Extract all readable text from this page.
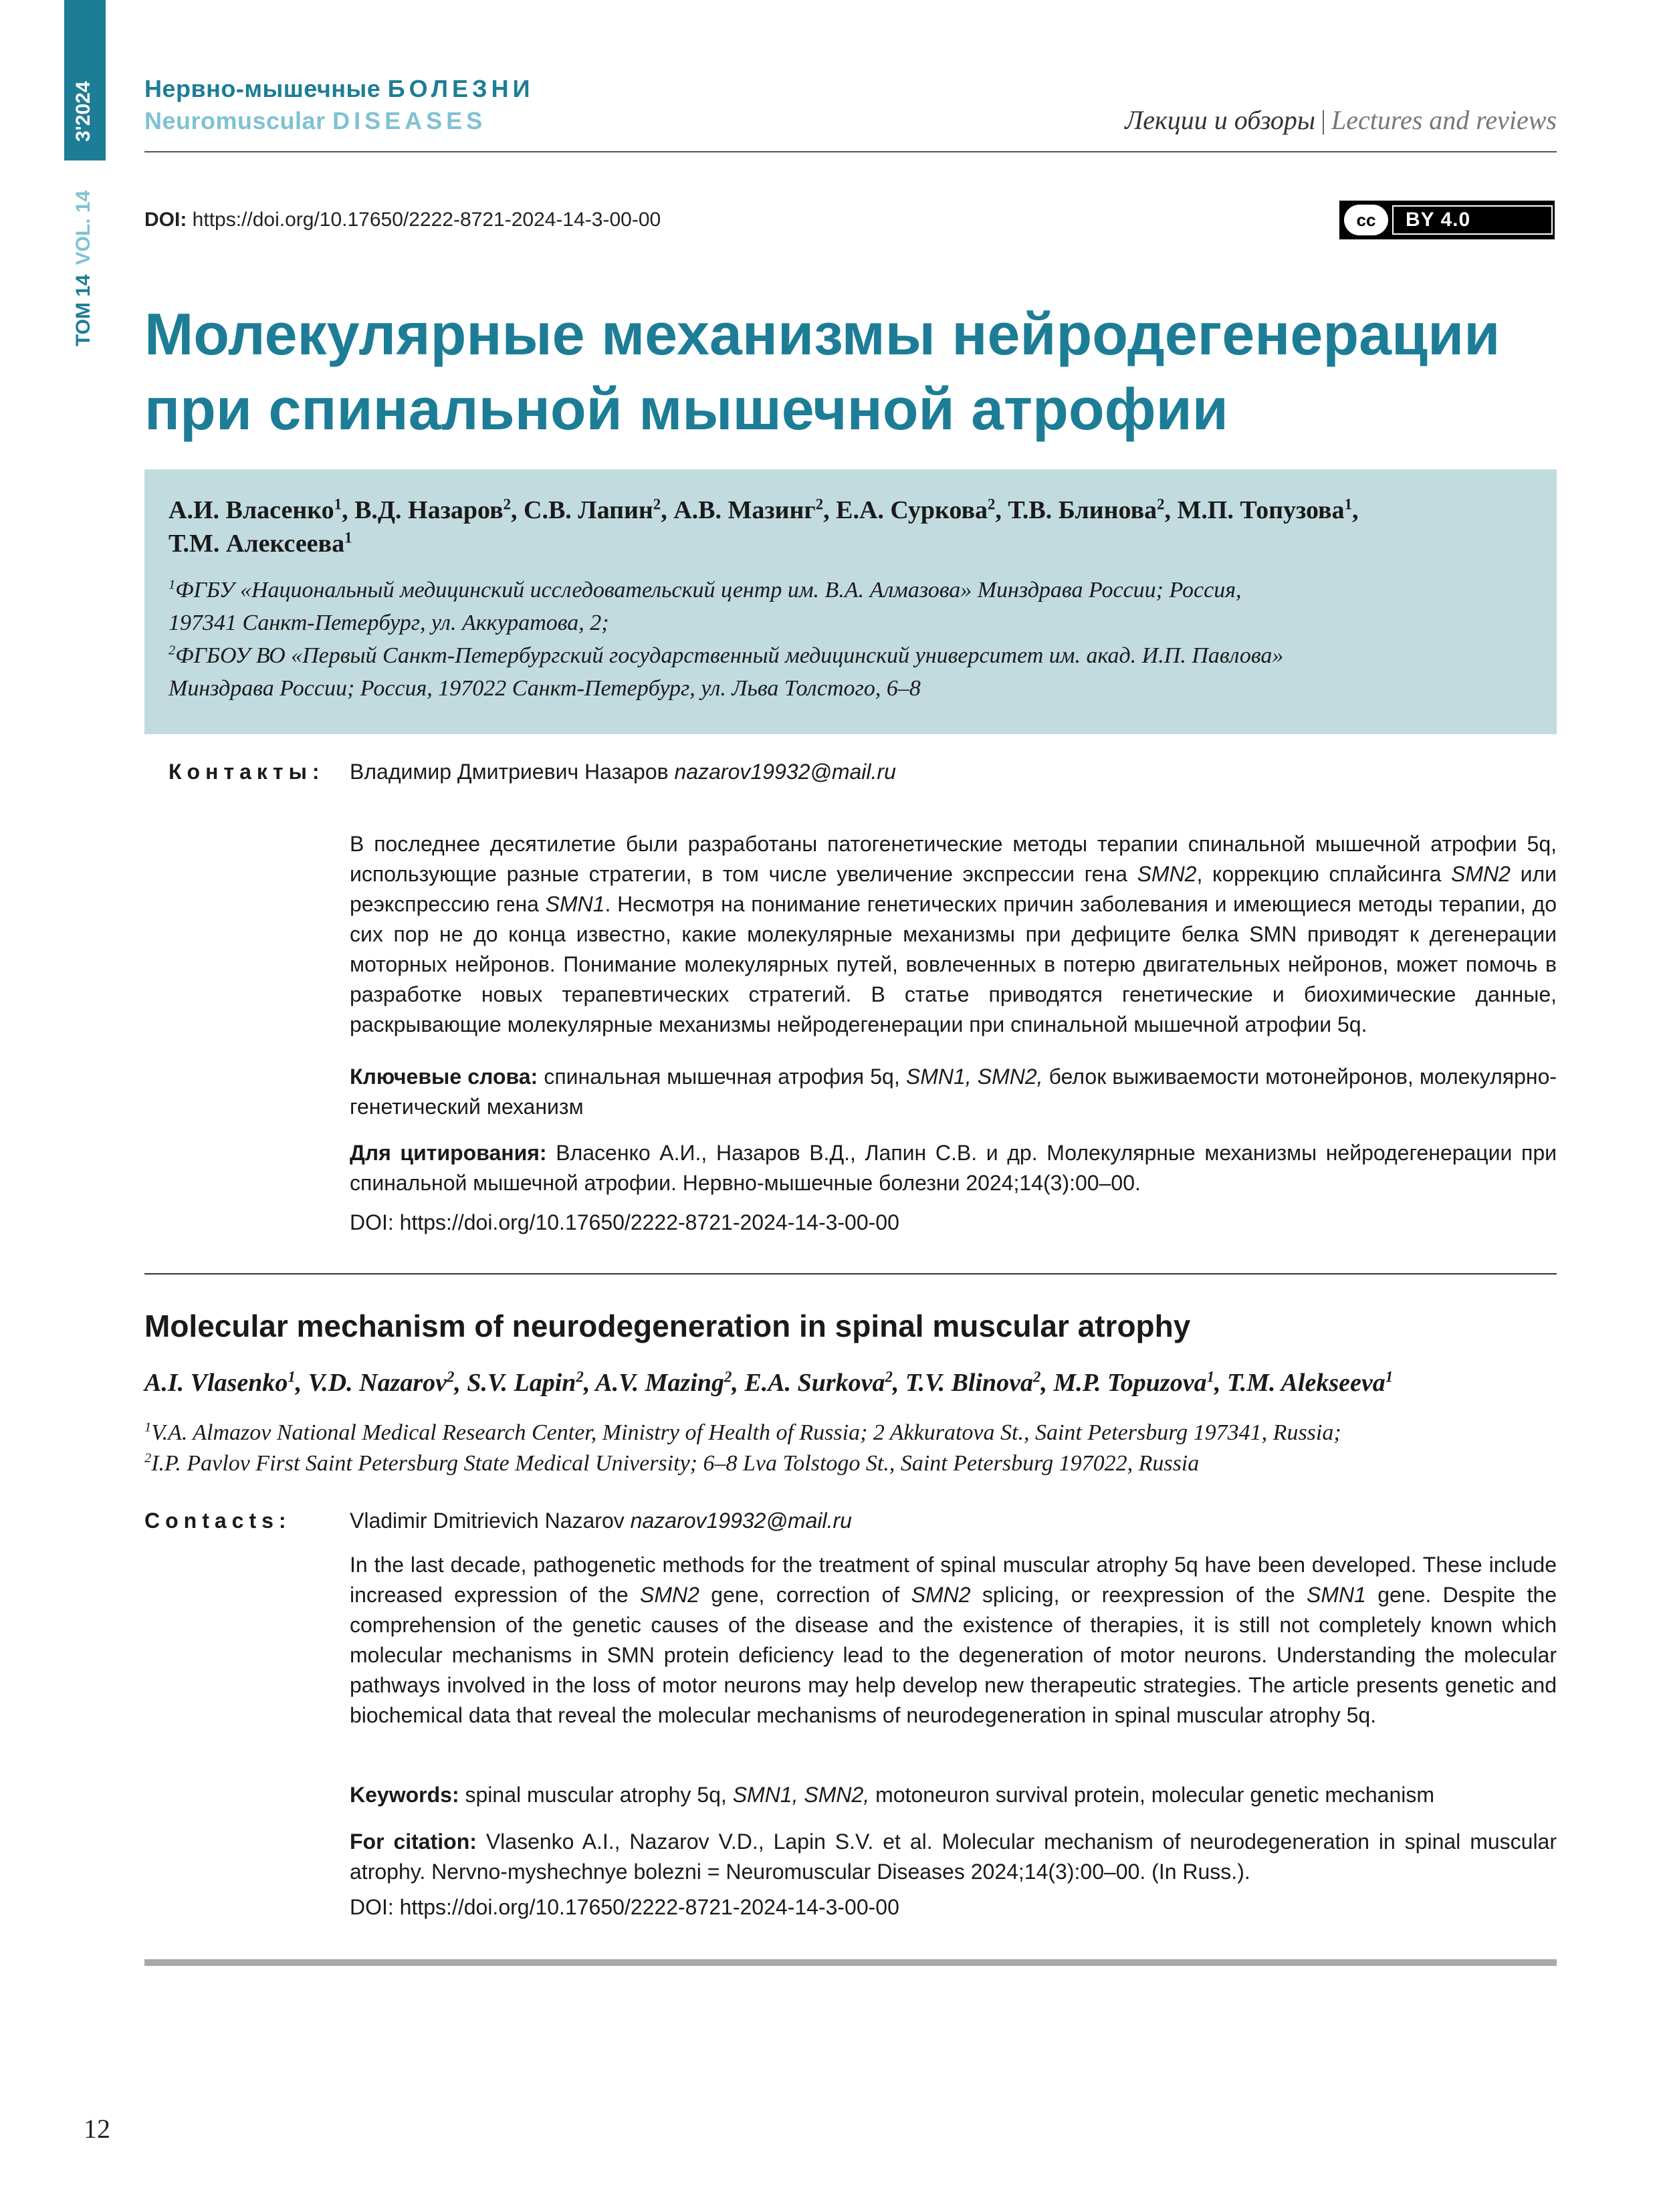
3'2024
ТОМ 14VOL. 14
Нервно-мышечные БОЛЕЗНИ
Neuromuscular DISEASES	Лекции и обзоры | Lectures and reviews
DOI: https://doi.org/10.17650/2222-8721-2024-14-3-00-00	cc	BY 4.0
Молекулярные механизмы нейродегенерации
при спинальной мышечной атрофии
А.И. Власенко$^1$, В.Д. Назаров$^2$, С.В. Лапин$^2$, А.В. Мазинг$^2$, Е.А. Суркова$^2$, Т.В. Блинова$^2$, М.П. Топузова$^1$,
Т.М. Алексеева$^1$
$^1$ФГБУ «Национальный медицинский исследовательский центр им. В.А. Алмазова» Минздрава России; Россия,
197341 Санкт-Петербург, ул. Аккуратова, 2;
$^2$ФГБОУ ВО «Первый Санкт-Петербургский государственный медицинский университет им. акад. И.П. Павлова»
Минздрава России; Россия, 197022 Санкт-Петербург, ул. Льва Толстого, 6–8
Контакты: Владимир Дмитриевич Назаров nazarov19932@mail.ru
В последнее десятилетие были разработаны патогенетические методы терапии спинальной мышечной атрофии 5q, использующие разные стратегии, в том числе увеличение экспрессии гена SMN2, коррекцию сплайсинга SMN2 или реэкспрессию гена SMN1. Несмотря на понимание генетических причин заболевания и имеющиеся методы терапии, до сих пор не до конца известно, какие молекулярные механизмы при дефиците белка SMN приводят к дегенерации моторных нейронов. Понимание молекулярных путей, вовлеченных в потерю двигательных нейронов, может помочь в разработке новых терапевтических стратегий. В статье приводятся генетические и биохимические данные, раскрывающие молекулярные механизмы нейродегенерации при спинальной мышечной атрофии 5q.
Ключевые слова: спинальная мышечная атрофия 5q, SMN1, SMN2, белок выживаемости мотонейронов, молекулярно-генетический механизм
Для цитирования: Власенко А.И., Назаров В.Д., Лапин С.В. и др. Молекулярные механизмы нейродегенерации при спинальной мышечной атрофии. Нервно-мышечные болезни 2024;14(3):00–00.
DOI: https://doi.org/10.17650/2222-8721-2024-14-3-00-00
Molecular mechanism of neurodegeneration in spinal muscular atrophy
A.I. Vlasenko$^1$, V.D. Nazarov$^2$, S.V. Lapin$^2$, A.V. Mazing$^2$, E.A. Surkova$^2$, T.V. Blinova$^2$, M.P. Topuzova$^1$, T.M. Alekseeva$^1$
$^1$V.A. Almazov National Medical Research Center, Ministry of Health of Russia; 2 Akkuratova St., Saint Petersburg 197341, Russia;
$^2$I.P. Pavlov First Saint Petersburg State Medical University; 6–8 Lva Tolstogo St., Saint Petersburg 197022, Russia
Contacts:	Vladimir Dmitrievich Nazarov nazarov19932@mail.ru
In the last decade, pathogenetic methods for the treatment of spinal muscular atrophy 5q have been developed. These include increased expression of the SMN2 gene, correction of SMN2 splicing, or reexpression of the SMN1 gene. Despite the comprehension of the genetic causes of the disease and the existence of therapies, it is still not completely known which molecular mechanisms in SMN protein deficiency lead to the degeneration of motor neurons. Understanding the molecular pathways involved in the loss of motor neurons may help develop new therapeutic strategies. The article presents genetic and biochemical data that reveal the molecular mechanisms of neurodegeneration in spinal muscular atrophy 5q.
Keywords: spinal muscular atrophy 5q, SMN1, SMN2, motoneuron survival protein, molecular genetic mechanism
For citation: Vlasenko A.I., Nazarov V.D., Lapin S.V. et al. Molecular mechanism of neurodegeneration in spinal muscular atrophy. Nervno-myshechnye bolezni = Neuromuscular Diseases 2024;14(3):00–00. (In Russ.).
DOI: https://doi.org/10.17650/2222-8721-2024-14-3-00-00
12
